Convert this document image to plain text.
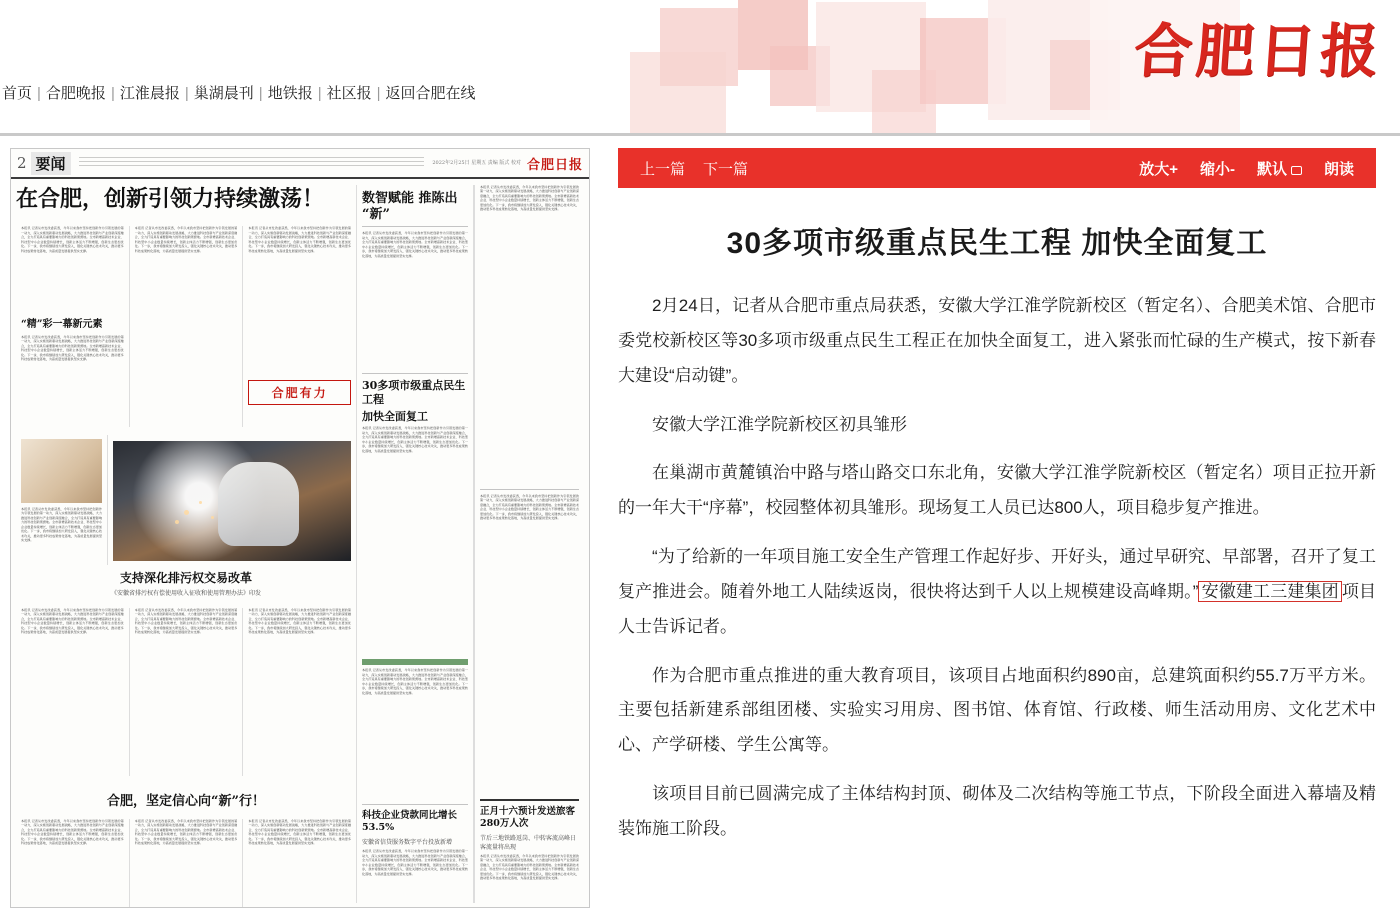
合肥日报
首页 | 合肥晚报 | 江淮晨报 | 巢湖晨刊 | 地铁报 | 社区报 | 返回合肥在线
2 要闻	2022年2月25日 星期五 责编 版式 校对 合肥日报
在合肥，创新引领力持续激荡！
本报讯 记者从市发改委获悉，今年以来我市坚持把创新作为引领发展的第一动力，深入实施创新驱动发展战略，大力推进科技创新与产业创新深度融合，全力打造具有重要影响力的科技创新策源地。全市新增高新技术企业、科技型中小企业数量持续增长，创新主体活力不断增强，创新生态更加优化。下一步，我市将继续加大研发投入，强化关键核心技术攻关，推动更多科技成果转化落地，为高质量发展提供坚实支撑。
“精”彩一幕新元素
本报讯 记者从市发改委获悉，今年以来我市坚持把创新作为引领发展的第一动力，深入实施创新驱动发展战略，大力推进科技创新与产业创新深度融合，全力打造具有重要影响力的科技创新策源地。全市新增高新技术企业、科技型中小企业数量持续增长，创新主体活力不断增强，创新生态更加优化。下一步，我市将继续加大研发投入，强化关键核心技术攻关，推动更多科技成果转化落地，为高质量发展提供坚实支撑。
本报讯 记者从市发改委获悉，今年以来我市坚持把创新作为引领发展的第一动力，深入实施创新驱动发展战略，大力推进科技创新与产业创新深度融合，全力打造具有重要影响力的科技创新策源地。全市新增高新技术企业、科技型中小企业数量持续增长，创新主体活力不断增强，创新生态更加优化。下一步，我市将继续加大研发投入，强化关键核心技术攻关，推动更多科技成果转化落地，为高质量发展提供坚实支撑。
本报讯 记者从市发改委获悉，今年以来我市坚持把创新作为引领发展的第一动力，深入实施创新驱动发展战略，大力推进科技创新与产业创新深度融合，全力打造具有重要影响力的科技创新策源地。全市新增高新技术企业、科技型中小企业数量持续增长，创新主体活力不断增强，创新生态更加优化。下一步，我市将继续加大研发投入，强化关键核心技术攻关，推动更多科技成果转化落地，为高质量发展提供坚实支撑。
合肥有力
本报讯 记者从市发改委获悉，今年以来我市坚持把创新作为引领发展的第一动力，深入实施创新驱动发展战略，大力推进科技创新与产业创新深度融合，全力打造具有重要影响力的科技创新策源地。全市新增高新技术企业、科技型中小企业数量持续增长，创新主体活力不断增强，创新生态更加优化。下一步，我市将继续加大研发投入，强化关键核心技术攻关，推动更多科技成果转化落地，为高质量发展提供坚实支撑。
支持深化排污权交易改革
《安徽省排污权有偿使用收入征收和使用管理办法》印发
本报讯 记者从市发改委获悉，今年以来我市坚持把创新作为引领发展的第一动力，深入实施创新驱动发展战略，大力推进科技创新与产业创新深度融合，全力打造具有重要影响力的科技创新策源地。全市新增高新技术企业、科技型中小企业数量持续增长，创新主体活力不断增强，创新生态更加优化。下一步，我市将继续加大研发投入，强化关键核心技术攻关，推动更多科技成果转化落地，为高质量发展提供坚实支撑。
本报讯 记者从市发改委获悉，今年以来我市坚持把创新作为引领发展的第一动力，深入实施创新驱动发展战略，大力推进科技创新与产业创新深度融合，全力打造具有重要影响力的科技创新策源地。全市新增高新技术企业、科技型中小企业数量持续增长，创新主体活力不断增强，创新生态更加优化。下一步，我市将继续加大研发投入，强化关键核心技术攻关，推动更多科技成果转化落地，为高质量发展提供坚实支撑。
本报讯 记者从市发改委获悉，今年以来我市坚持把创新作为引领发展的第一动力，深入实施创新驱动发展战略，大力推进科技创新与产业创新深度融合，全力打造具有重要影响力的科技创新策源地。全市新增高新技术企业、科技型中小企业数量持续增长，创新主体活力不断增强，创新生态更加优化。下一步，我市将继续加大研发投入，强化关键核心技术攻关，推动更多科技成果转化落地，为高质量发展提供坚实支撑。
合肥，坚定信心向“新”行！
本报讯 记者从市发改委获悉，今年以来我市坚持把创新作为引领发展的第一动力，深入实施创新驱动发展战略，大力推进科技创新与产业创新深度融合，全力打造具有重要影响力的科技创新策源地。全市新增高新技术企业、科技型中小企业数量持续增长，创新主体活力不断增强，创新生态更加优化。下一步，我市将继续加大研发投入，强化关键核心技术攻关，推动更多科技成果转化落地，为高质量发展提供坚实支撑。
本报讯 记者从市发改委获悉，今年以来我市坚持把创新作为引领发展的第一动力，深入实施创新驱动发展战略，大力推进科技创新与产业创新深度融合，全力打造具有重要影响力的科技创新策源地。全市新增高新技术企业、科技型中小企业数量持续增长，创新主体活力不断增强，创新生态更加优化。下一步，我市将继续加大研发投入，强化关键核心技术攻关，推动更多科技成果转化落地，为高质量发展提供坚实支撑。
本报讯 记者从市发改委获悉，今年以来我市坚持把创新作为引领发展的第一动力，深入实施创新驱动发展战略，大力推进科技创新与产业创新深度融合，全力打造具有重要影响力的科技创新策源地。全市新增高新技术企业、科技型中小企业数量持续增长，创新主体活力不断增强，创新生态更加优化。下一步，我市将继续加大研发投入，强化关键核心技术攻关，推动更多科技成果转化落地，为高质量发展提供坚实支撑。
数智赋能 推陈出“新”
本报讯 记者从市发改委获悉，今年以来我市坚持把创新作为引领发展的第一动力，深入实施创新驱动发展战略，大力推进科技创新与产业创新深度融合，全力打造具有重要影响力的科技创新策源地。全市新增高新技术企业、科技型中小企业数量持续增长，创新主体活力不断增强，创新生态更加优化。下一步，我市将继续加大研发投入，强化关键核心技术攻关，推动更多科技成果转化落地，为高质量发展提供坚实支撑。
30多项市级重点民生工程
加快全面复工
本报讯 记者从市发改委获悉，今年以来我市坚持把创新作为引领发展的第一动力，深入实施创新驱动发展战略，大力推进科技创新与产业创新深度融合，全力打造具有重要影响力的科技创新策源地。全市新增高新技术企业、科技型中小企业数量持续增长，创新主体活力不断增强，创新生态更加优化。下一步，我市将继续加大研发投入，强化关键核心技术攻关，推动更多科技成果转化落地，为高质量发展提供坚实支撑。
本报讯 记者从市发改委获悉，今年以来我市坚持把创新作为引领发展的第一动力，深入实施创新驱动发展战略，大力推进科技创新与产业创新深度融合，全力打造具有重要影响力的科技创新策源地。全市新增高新技术企业、科技型中小企业数量持续增长，创新主体活力不断增强，创新生态更加优化。下一步，我市将继续加大研发投入，强化关键核心技术攻关，推动更多科技成果转化落地，为高质量发展提供坚实支撑。
科技企业贷款同比增长53.5%
安徽省信贷服务数字平台投放新增
本报讯 记者从市发改委获悉，今年以来我市坚持把创新作为引领发展的第一动力，深入实施创新驱动发展战略，大力推进科技创新与产业创新深度融合，全力打造具有重要影响力的科技创新策源地。全市新增高新技术企业、科技型中小企业数量持续增长，创新主体活力不断增强，创新生态更加优化。下一步，我市将继续加大研发投入，强化关键核心技术攻关，推动更多科技成果转化落地，为高质量发展提供坚实支撑。
本报讯 记者从市发改委获悉，今年以来我市坚持把创新作为引领发展的第一动力，深入实施创新驱动发展战略，大力推进科技创新与产业创新深度融合，全力打造具有重要影响力的科技创新策源地。全市新增高新技术企业、科技型中小企业数量持续增长，创新主体活力不断增强，创新生态更加优化。下一步，我市将继续加大研发投入，强化关键核心技术攻关，推动更多科技成果转化落地，为高质量发展提供坚实支撑。
本报讯 记者从市发改委获悉，今年以来我市坚持把创新作为引领发展的第一动力，深入实施创新驱动发展战略，大力推进科技创新与产业创新深度融合，全力打造具有重要影响力的科技创新策源地。全市新增高新技术企业、科技型中小企业数量持续增长，创新主体活力不断增强，创新生态更加优化。下一步，我市将继续加大研发投入，强化关键核心技术攻关，推动更多科技成果转化落地，为高质量发展提供坚实支撑。
正月十六预计发送旅客280万人次
节后三地铁路返岗、中转客流高峰日客流量将出现
本报讯 记者从市发改委获悉，今年以来我市坚持把创新作为引领发展的第一动力，深入实施创新驱动发展战略，大力推进科技创新与产业创新深度融合，全力打造具有重要影响力的科技创新策源地。全市新增高新技术企业、科技型中小企业数量持续增长，创新主体活力不断增强，创新生态更加优化。下一步，我市将继续加大研发投入，强化关键核心技术攻关，推动更多科技成果转化落地，为高质量发展提供坚实支撑。
上一篇 下一篇	放大+ 缩小- 默认	朗读
30多项市级重点民生工程 加快全面复工

2月24日，记者从合肥市重点局获悉，安徽大学江淮学院新校区（暂定名）、合肥美术馆、合肥市委党校新校区等30多项市级重点民生工程正在加快全面复工，进入紧张而忙碌的生产模式，按下新春大建设“启动键”。

安徽大学江淮学院新校区初具雏形

在巢湖市黄麓镇治中路与塔山路交口东北角，安徽大学江淮学院新校区（暂定名）项目正拉开新的一年大干“序幕”，校园整体初具雏形。现场复工人员已达800人，项目稳步复产推进。

“为了给新的一年项目施工安全生产管理工作起好步、开好头，通过早研究、早部署，召开了复工复产推进会。随着外地工人陆续返岗，很快将达到千人以上规模建设高峰期。” 安徽建工三建集团 项目人士告诉记者。

作为合肥市重点推进的重大教育项目，该项目占地面积约890亩，总建筑面积约55.7万平方米。主要包括新建系部组团楼、实验实习用房、图书馆、体育馆、行政楼、师生活动用房、文化艺术中心、产学研楼、学生公寓等。

该项目目前已圆满完成了主体结构封顶、砌体及二次结构等施工节点，下阶段全面进入幕墙及精装饰施工阶段。
